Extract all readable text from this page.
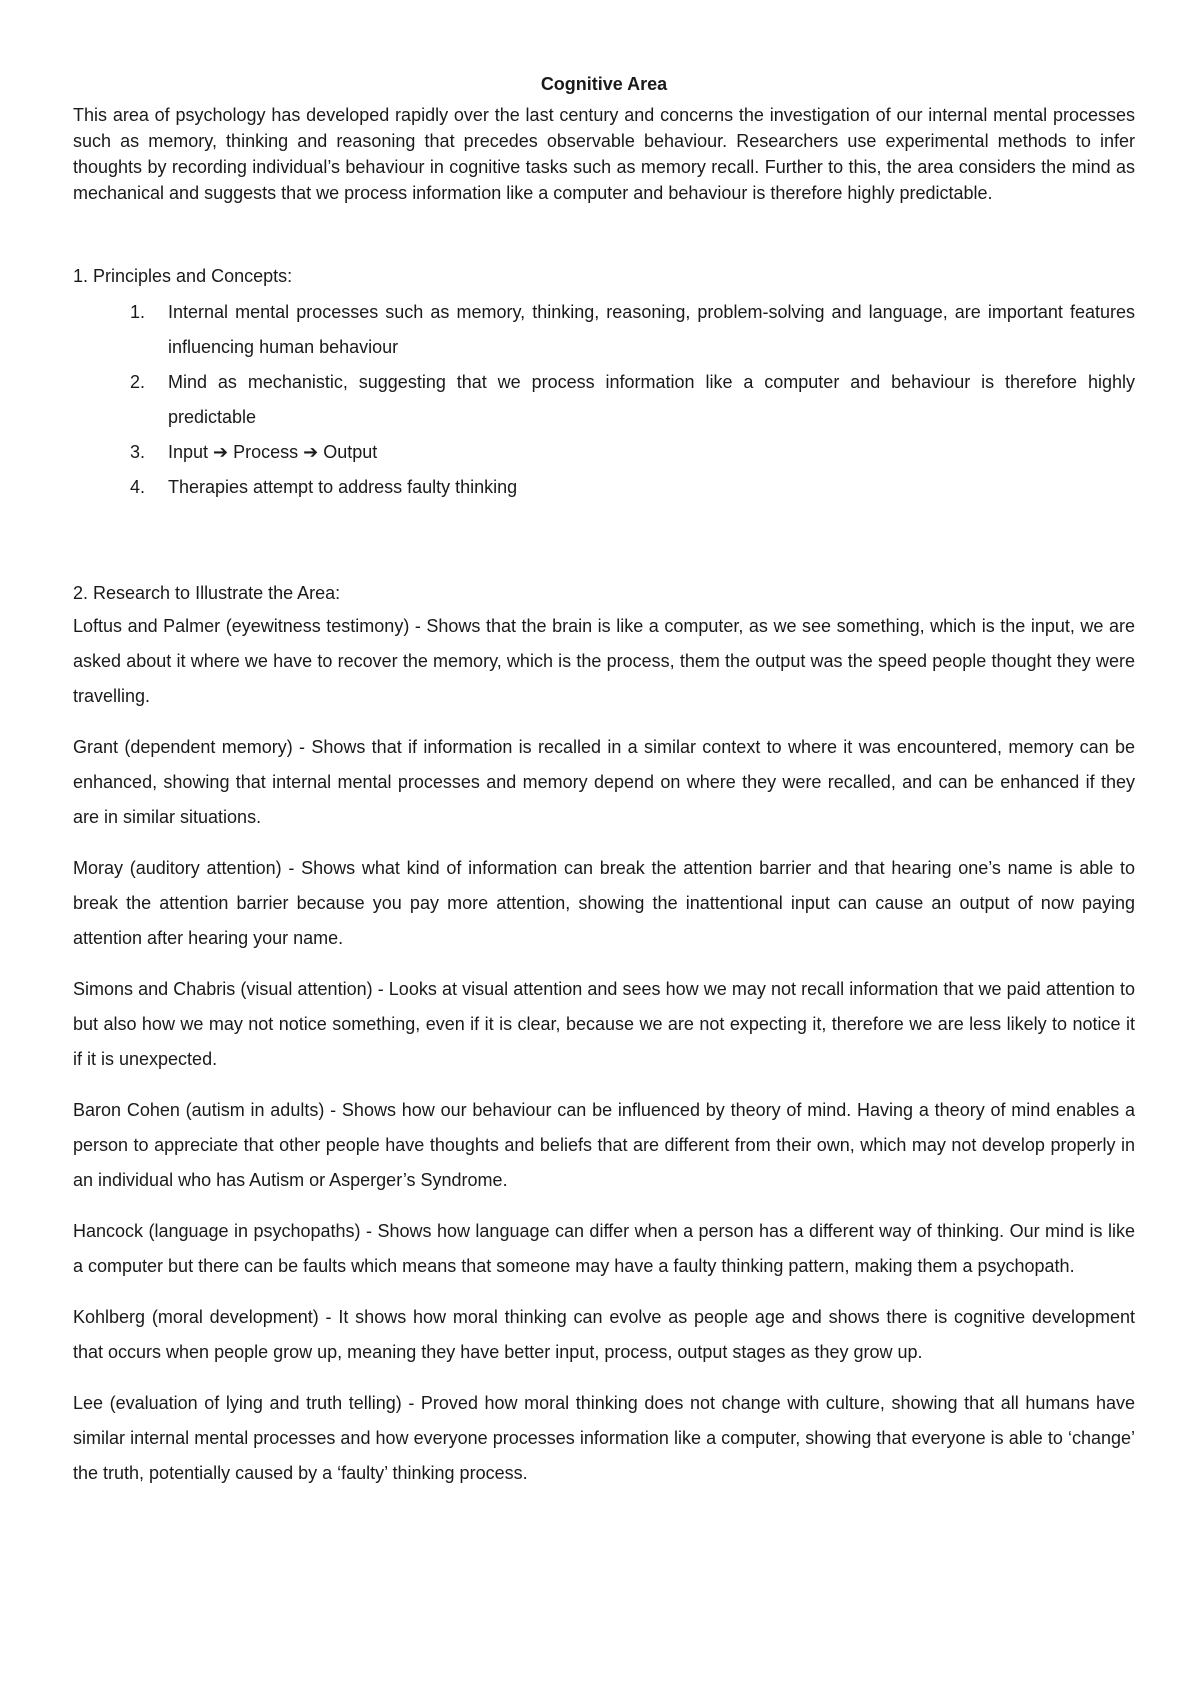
Cognitive Area

This area of psychology has developed rapidly over the last century and concerns the investigation of our internal mental processes such as memory, thinking and reasoning that precedes observable behaviour. Researchers use experimental methods to infer thoughts by recording individual’s behaviour in cognitive tasks such as memory recall. Further to this, the area considers the mind as mechanical and suggests that we process information like a computer and behaviour is therefore highly predictable.

1. Principles and Concepts:

1. Internal mental processes such as memory, thinking, reasoning, problem-solving and language, are important features influencing human behaviour
2. Mind as mechanistic, suggesting that we process information like a computer and behaviour is therefore highly predictable
3. Input ➔ Process ➔ Output
4. Therapies attempt to address faulty thinking

2. Research to Illustrate the Area:

Loftus and Palmer (eyewitness testimony) - Shows that the brain is like a computer, as we see something, which is the input, we are asked about it where we have to recover the memory, which is the process, them the output was the speed people thought they were travelling.

Grant (dependent memory) - Shows that if information is recalled in a similar context to where it was encountered, memory can be enhanced, showing that internal mental processes and memory depend on where they were recalled, and can be enhanced if they are in similar situations.

Moray (auditory attention) - Shows what kind of information can break the attention barrier and that hearing one’s name is able to break the attention barrier because you pay more attention, showing the inattentional input can cause an output of now paying attention after hearing your name.

Simons and Chabris (visual attention) - Looks at visual attention and sees how we may not recall information that we paid attention to but also how we may not notice something, even if it is clear, because we are not expecting it, therefore we are less likely to notice it if it is unexpected.

Baron Cohen (autism in adults) - Shows how our behaviour can be influenced by theory of mind. Having a theory of mind enables a person to appreciate that other people have thoughts and beliefs that are different from their own, which may not develop properly in an individual who has Autism or Asperger’s Syndrome.

Hancock (language in psychopaths) - Shows how language can differ when a person has a different way of thinking. Our mind is like a computer but there can be faults which means that someone may have a faulty thinking pattern, making them a psychopath.

Kohlberg (moral development) - It shows how moral thinking can evolve as people age and shows there is cognitive development that occurs when people grow up, meaning they have better input, process, output stages as they grow up.

Lee (evaluation of lying and truth telling) - Proved how moral thinking does not change with culture, showing that all humans have similar internal mental processes and how everyone processes information like a computer, showing that everyone is able to ‘change’ the truth, potentially caused by a ‘faulty’ thinking process.
